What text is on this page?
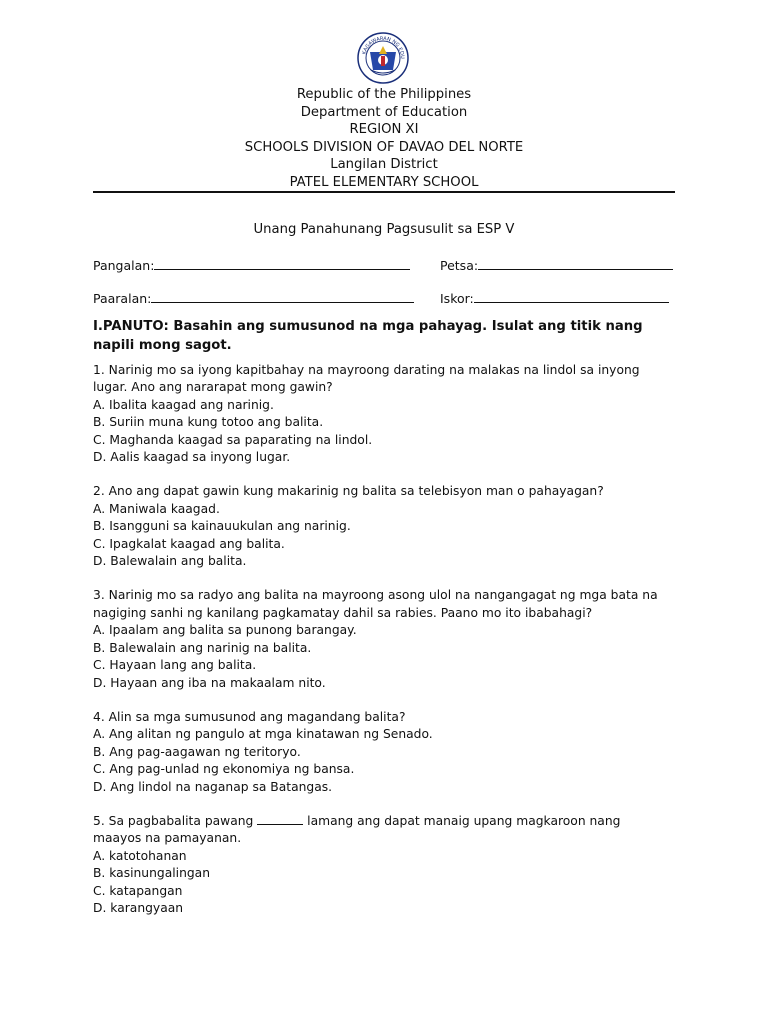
KAGAWARAN NG EDU
Republic of the Philippines
Department of Education
REGION XI
SCHOOLS DIVISION OF DAVAO DEL NORTE
Langilan District
PATEL ELEMENTARY SCHOOL
Unang Panahunang Pagsusulit sa ESP V
Pangalan:	Petsa:
Paaralan:	Iskor:
I.PANUTO: Basahin ang sumusunod na mga pahayag. Isulat ang titik nang napili mong sagot.
1. Narinig mo sa iyong kapitbahay na mayroong darating na malakas na lindol sa inyong
lugar. Ano ang nararapat mong gawin?
A. Ibalita kaagad ang narinig.
B. Suriin muna kung totoo ang balita.
C. Maghanda kaagad sa paparating na lindol.
D. Aalis kaagad sa inyong lugar.
2. Ano ang dapat gawin kung makarinig ng balita sa telebisyon man o pahayagan?
A. Maniwala kaagad.
B. Isangguni sa kainauukulan ang narinig.
C. Ipagkalat kaagad ang balita.
D. Balewalain ang balita.
3. Narinig mo sa radyo ang balita na mayroong asong ulol na nangangagat ng mga bata na
nagiging sanhi ng kanilang pagkamatay dahil sa rabies. Paano mo ito ibabahagi?
A. Ipaalam ang balita sa punong barangay.
B. Balewalain ang narinig na balita.
C. Hayaan lang ang balita.
D. Hayaan ang iba na makaalam nito.
4. Alin sa mga sumusunod ang magandang balita?
A. Ang alitan ng pangulo at mga kinatawan ng Senado.
B. Ang pag-aagawan ng teritoryo.
C. Ang pag-unlad ng ekonomiya ng bansa.
D. Ang lindol na naganap sa Batangas.
5. Sa pagbabalita pawang	lamang ang dapat manaig upang magkaroon nang
maayos na pamayanan.
A. katotohanan
B. kasinungalingan
C. katapangan
D. karangyaan
